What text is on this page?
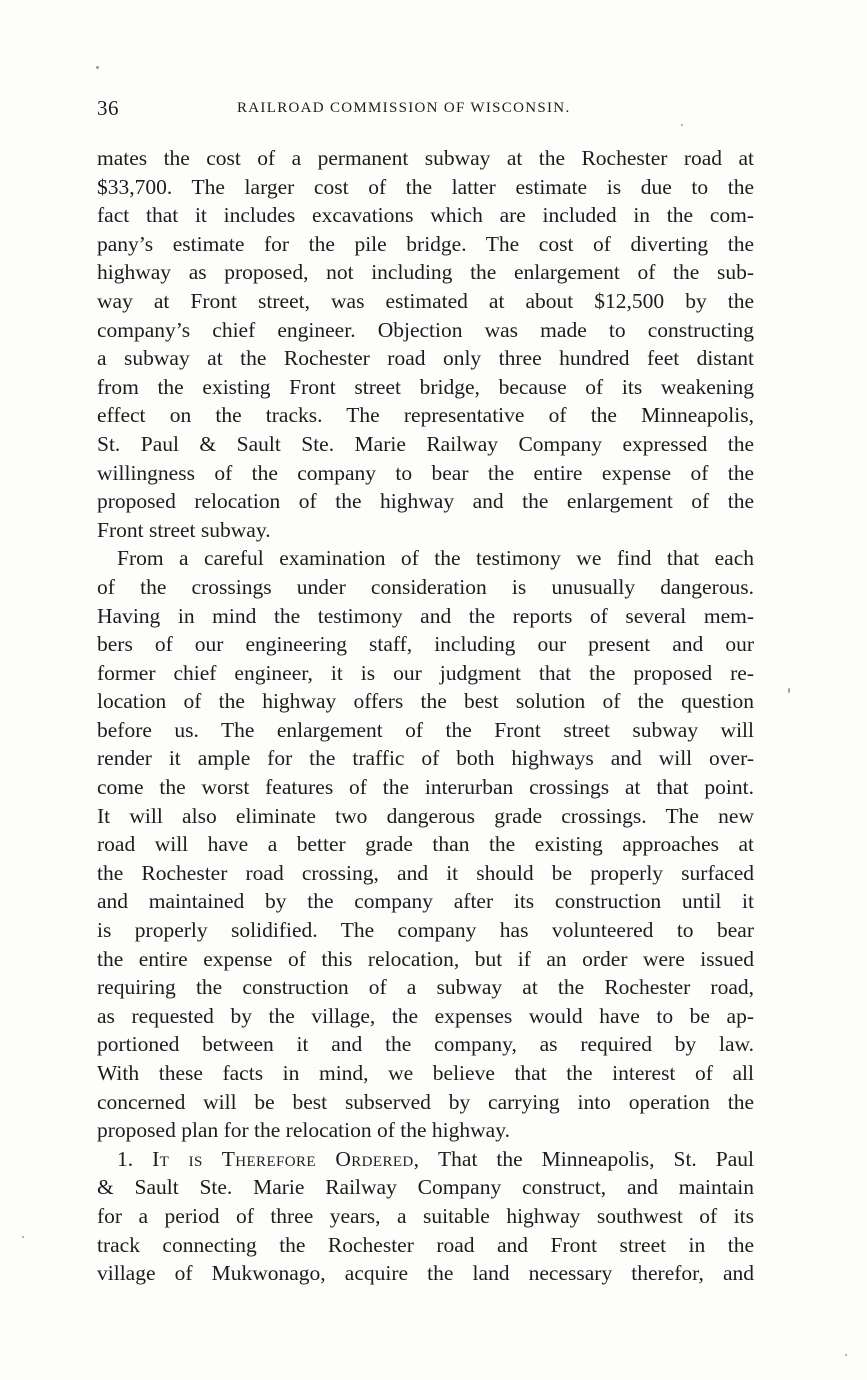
36	RAILROAD COMMISSION OF WISCONSIN.
mates the cost of a permanent subway at the Rochester road at
$33,700. The larger cost of the latter estimate is due to the
fact that it includes excavations which are included in the com-
pany’s estimate for the pile bridge. The cost of diverting the
highway as proposed, not including the enlargement of the sub-
way at Front street, was estimated at about $12,500 by the
company’s chief engineer. Objection was made to constructing
a subway at the Rochester road only three hundred feet distant
from the existing Front street bridge, because of its weakening
effect on the tracks. The representative of the Minneapolis,
St. Paul & Sault Ste. Marie Railway Company expressed the
willingness of the company to bear the entire expense of the
proposed relocation of the highway and the enlargement of the
Front street subway.
From a careful examination of the testimony we find that each
of the crossings under consideration is unusually dangerous.
Having in mind the testimony and the reports of several mem-
bers of our engineering staff, including our present and our
former chief engineer, it is our judgment that the proposed re-
location of the highway offers the best solution of the question
before us. The enlargement of the Front street subway will
render it ample for the traffic of both highways and will over-
come the worst features of the interurban crossings at that point.
It will also eliminate two dangerous grade crossings. The new
road will have a better grade than the existing approaches at
the Rochester road crossing, and it should be properly surfaced
and maintained by the company after its construction until it
is properly solidified. The company has volunteered to bear
the entire expense of this relocation, but if an order were issued
requiring the construction of a subway at the Rochester road,
as requested by the village, the expenses would have to be ap-
portioned between it and the company, as required by law.
With these facts in mind, we believe that the interest of all
concerned will be best subserved by carrying into operation the
proposed plan for the relocation of the highway.
1. It is Therefore Ordered, That the Minneapolis, St. Paul
& Sault Ste. Marie Railway Company construct, and maintain
for a period of three years, a suitable highway southwest of its
track connecting the Rochester road and Front street in the
village of Mukwonago, acquire the land necessary therefor, and
